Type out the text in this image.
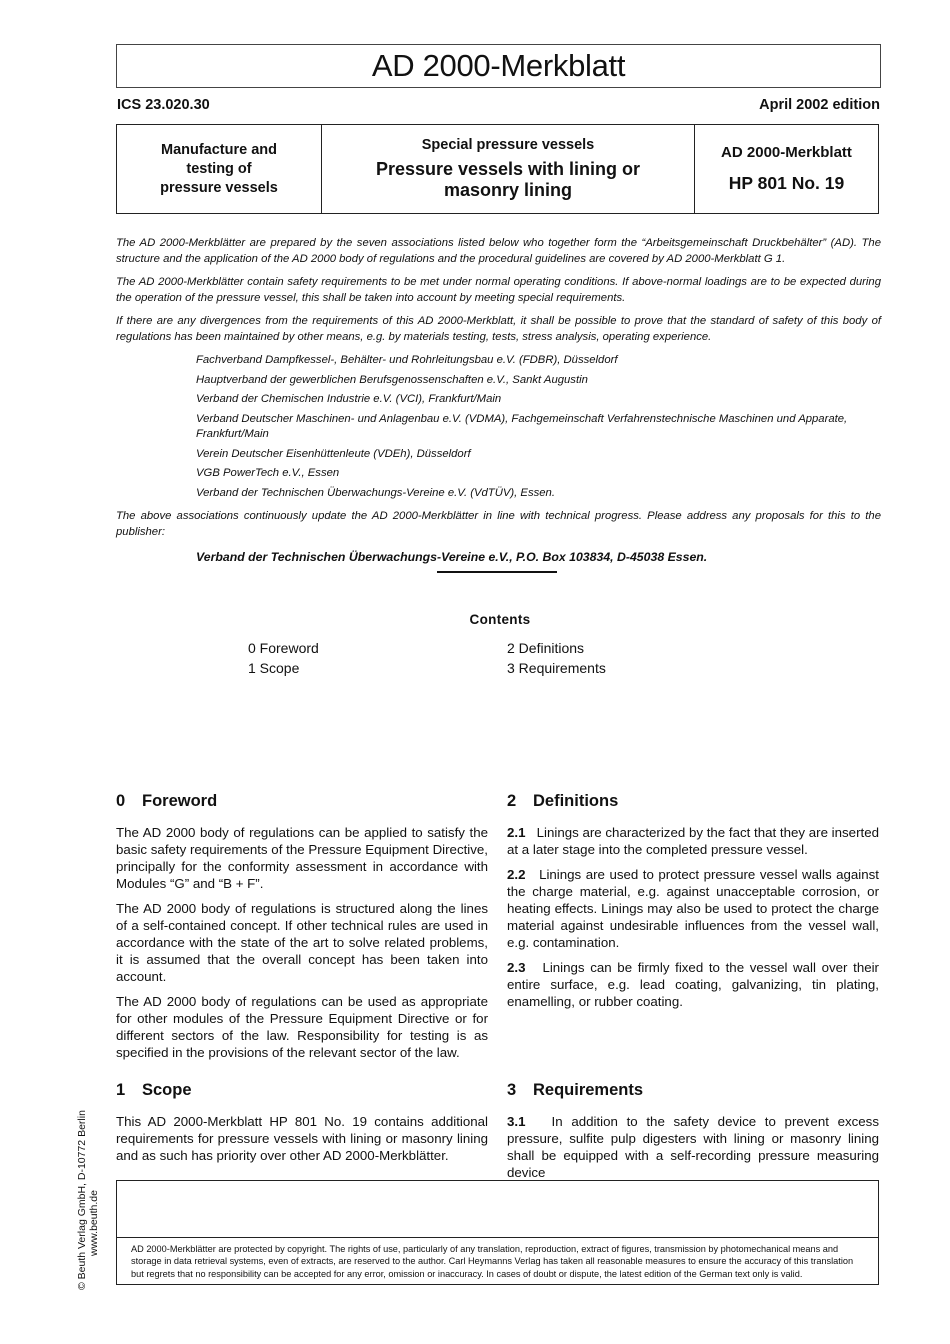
AD 2000-Merkblatt
ICS 23.020.30	April 2002 edition
Manufacture and
testing of
pressure vessels
Special pressure vessels
Pressure vessels with lining or
masonry lining
AD 2000-Merkblatt
HP 801 No. 19

The AD 2000-Merkblätter are prepared by the seven associations listed below who together form the “Arbeitsgemeinschaft Druckbehälter” (AD). The structure and the application of the AD 2000 body of regulations and the procedural guidelines are covered by AD 2000-Merkblatt G 1.

The AD 2000-Merkblätter contain safety requirements to be met under normal operating conditions. If above-normal loadings are to be expected during the operation of the pressure vessel, this shall be taken into account by meeting special requirements.

If there are any divergences from the requirements of this AD 2000-Merkblatt, it shall be possible to prove that the standard of safety of this body of regulations has been maintained by other means, e.g. by materials testing, tests, stress analysis, operating experience.

Fachverband Dampfkessel-, Behälter- und Rohrleitungsbau e.V. (FDBR), Düsseldorf
Hauptverband der gewerblichen Berufsgenossenschaften e.V., Sankt Augustin
Verband der Chemischen Industrie e.V. (VCI), Frankfurt/Main
Verband Deutscher Maschinen- und Anlagenbau e.V. (VDMA), Fachgemeinschaft Verfahrenstechnische Maschinen und Apparate, Frankfurt/Main
Verein Deutscher Eisenhüttenleute (VDEh), Düsseldorf
VGB PowerTech e.V., Essen
Verband der Technischen Überwachungs-Vereine e.V. (VdTÜV), Essen.

The above associations continuously update the AD 2000-Merkblätter in line with technical progress. Please address any proposals for this to the publisher:

Verband der Technischen Überwachungs-Vereine e.V., P.O. Box 103834, D-45038 Essen.
Contents
0 Foreword
1 Scope
2 Definitions
3 Requirements
0 Foreword

The AD 2000 body of regulations can be applied to satisfy the basic safety requirements of the Pressure Equipment Directive, principally for the conformity assessment in accordance with Modules “G” and “B + F”.

The AD 2000 body of regulations is structured along the lines of a self-contained concept. If other technical rules are used in accordance with the state of the art to solve related problems, it is assumed that the overall concept has been taken into account.

The AD 2000 body of regulations can be used as appropriate for other modules of the Pressure Equipment Directive or for different sectors of the law. Responsibility for testing is as specified in the provisions of the relevant sector of the law.

1 Scope

This AD 2000-Merkblatt HP 801 No. 19 contains additional requirements for pressure vessels with lining or masonry lining and as such has priority over other AD 2000-Merkblätter.

2 Definitions

2.1 Linings are characterized by the fact that they are inserted at a later stage into the completed pressure vessel.

2.2 Linings are used to protect pressure vessel walls against the charge material, e.g. against unacceptable corrosion, or heating effects. Linings may also be used to protect the charge material against undesirable influences from the vessel wall, e.g. contamination.

2.3 Linings can be firmly fixed to the vessel wall over their entire surface, e.g. lead coating, galvanizing, tin plating, enamelling, or rubber coating.

3 Requirements

3.1 In addition to the safety device to prevent excess pressure, sulfite pulp digesters with lining or masonry lining shall be equipped with a self-recording pressure measuring device

AD 2000-Merkblätter are protected by copyright. The rights of use, particularly of any translation, reproduction, extract of figures, transmission by photomechanical means and storage in data retrieval systems, even of extracts, are reserved to the author. Carl Heymanns Verlag has taken all reasonable measures to ensure the accuracy of this translation but regrets that no responsibility can be accepted for any error, omission or inaccuracy. In cases of doubt or dispute, the latest edition of the German text only is valid.
© Beuth Verlag GmbH, D-10772 Berlin www.beuth.de
